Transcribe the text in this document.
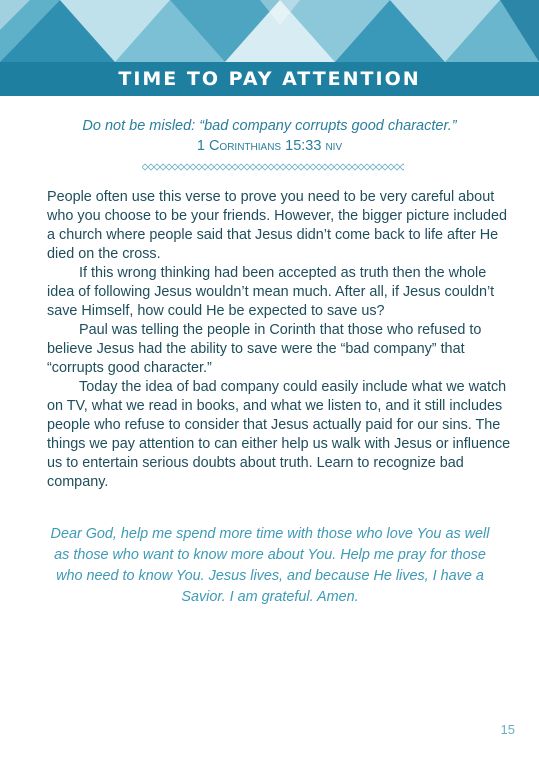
TIME TO PAY ATTENTION
Do not be misled: “bad company corrupts good character.”
1 Corinthians 15:33 niv

People often use this verse to prove you need to be very careful about who you choose to be your friends. However, the bigger picture included a church where people said that Jesus didn’t come back to life after He died on the cross.

If this wrong thinking had been accepted as truth then the whole idea of following Jesus wouldn’t mean much. After all, if Jesus couldn’t save Himself, how could He be expected to save us?

Paul was telling the people in Corinth that those who refused to believe Jesus had the ability to save were the “bad company” that “corrupts good character.”

Today the idea of bad company could easily include what we watch on TV, what we read in books, and what we listen to, and it still includes people who refuse to consider that Jesus actually paid for our sins. The things we pay attention to can either help us walk with Jesus or influence us to entertain serious doubts about truth. Learn to recognize bad company.

Dear God, help me spend more time with those who love You as well as those who want to know more about You. Help me pray for those who need to know You. Jesus lives, and because He lives, I have a Savior. I am grateful. Amen.
15
